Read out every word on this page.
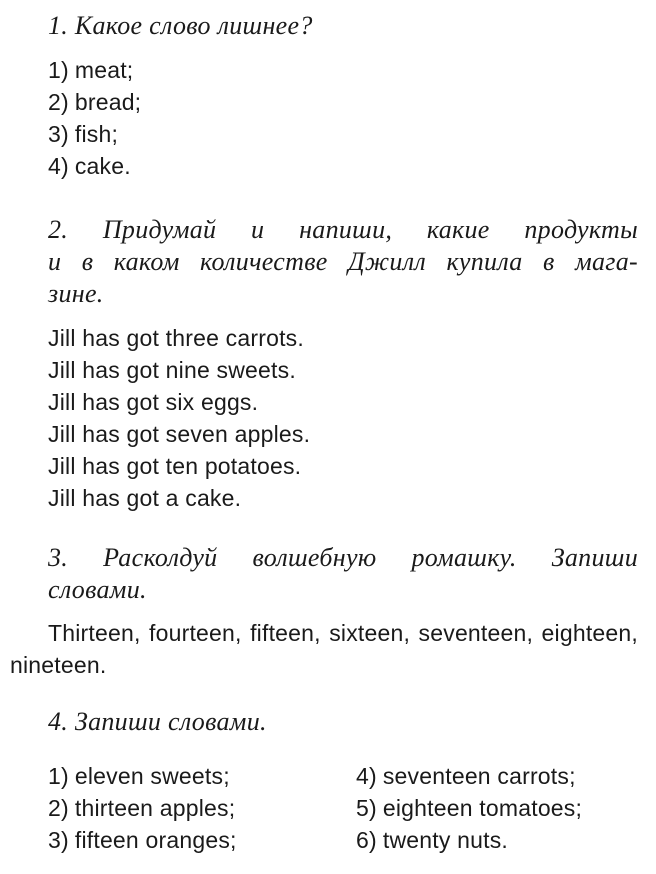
1. Какое слово лишнее?
1) meat;
2) bread;
3) fish;
4) cake.
2. Придумай и напиши, какие продукты
и в каком количестве Джилл купила в мага-
зине.
Jill has got three carrots.
Jill has got nine sweets.
Jill has got six eggs.
Jill has got seven apples.
Jill has got ten potatoes.
Jill has got a cake.
3. Расколдуй волшебную ромашку. Запиши
словами.

Thirteen, fourteen, fifteen, sixteen, seventeen, eighteen, nineteen.

4. Запиши словами.
1) eleven sweets;
2) thirteen apples;
3) fifteen oranges;
4) seventeen carrots;
5) eighteen tomatoes;
6) twenty nuts.
